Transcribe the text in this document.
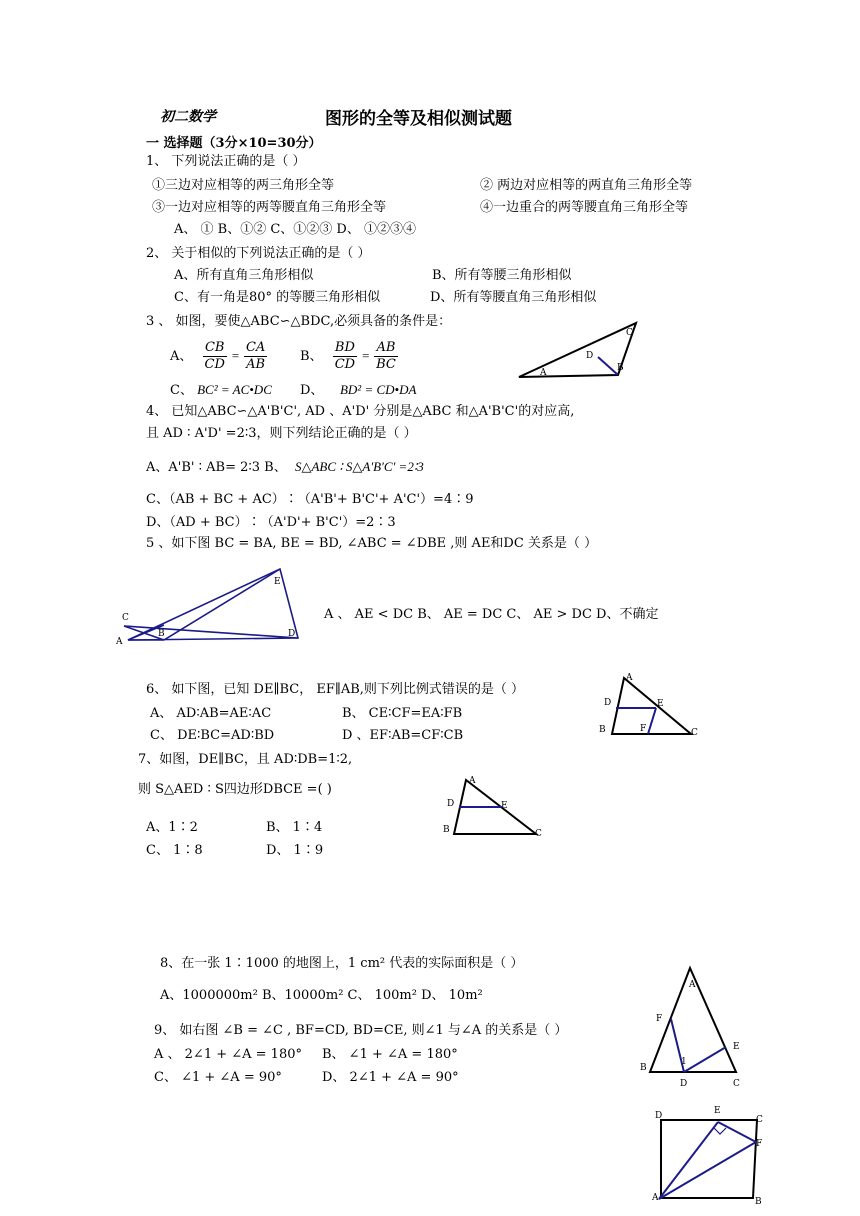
初二数学	图形的全等及相似测试题
一 选择题（3分×10=30分）
1、 下列说法正确的是（ ）
①三边对应相等的两三角形全等	② 两边对应相等的两直角三角形全等
③一边对应相等的两等腰直角三角形全等	④一边重合的两等腰直角三角形全等
A、 ① B、①② C、①②③ D、 ①②③④
2、 关于相似的下列说法正确的是（ ）
A、所有直角三角形相似	B、所有等腰三角形相似
C、有一角是80° 的等腰三角形相似	D、所有等腰直角三角形相似
3 、 如图，要使△ABC∽△BDC,必须具备的条件是：
A、 $\frac{CB}{CD} = \frac{CA}{AB}$	B、 $\frac{BD}{CD} = \frac{AB}{BC}$
C、 BC² = AC•DC D、 BD² = CD•DA
C
D
B
A
4、 已知△ABC∽△A'B'C', AD 、A'D' 分别是△ABC 和△A'B'C'的对应高,
且 AD ∶ A'D' =2∶3，则下列结论正确的是（ ）
A、A'B' ∶ AB= 2∶3 B、 S△ABC ∶ S△A'B'C' =2∶3
C、（AB + BC + AC）∶（A'B'+ B'C'+ A'C'）=4∶9
D、（AD + BC）∶（A'D'+ B'C'）=2∶3
5 、如下图 BC = BA, BE = BD, ∠ABC = ∠DBE ,则 AE和DC 关系是（ ）
C
A
B
E
D
A 、 AE < DC B、 AE = DC C、 AE > DC D、不确定
6、 如下图，已知 DE∥BC， EF∥AB,则下列比例式错误的是（ ）
A、 AD∶AB=AE∶AC	B、 CE∶CF=EA∶FB
C、 DE∶BC=AD∶BD	D 、EF∶AB=CF∶CB
A
D	E
B	F	C
7、如图，DE∥BC，且 AD∶DB=1∶2,
则 S△AED ∶ S四边形DBCE =( )
A、1∶2	B、 1∶4
C、 1∶8	D、 1∶9
A
D	E
B	C
8、在一张 1∶1000 的地图上，1 cm² 代表的实际面积是（ ）
A、1000000m² B、10000m² C、 100m² D、 10m²
A
F
1
E
B
D	C
9、 如右图 ∠B = ∠C , BF=CD, BD=CE, 则∠1 与∠A 的关系是（ ）
A 、 2∠1 + ∠A = 180° B、 ∠1 + ∠A = 180°
C、 ∠1 + ∠A = 90°	D、 2∠1 + ∠A = 90°
D	E
C
F
A	B
